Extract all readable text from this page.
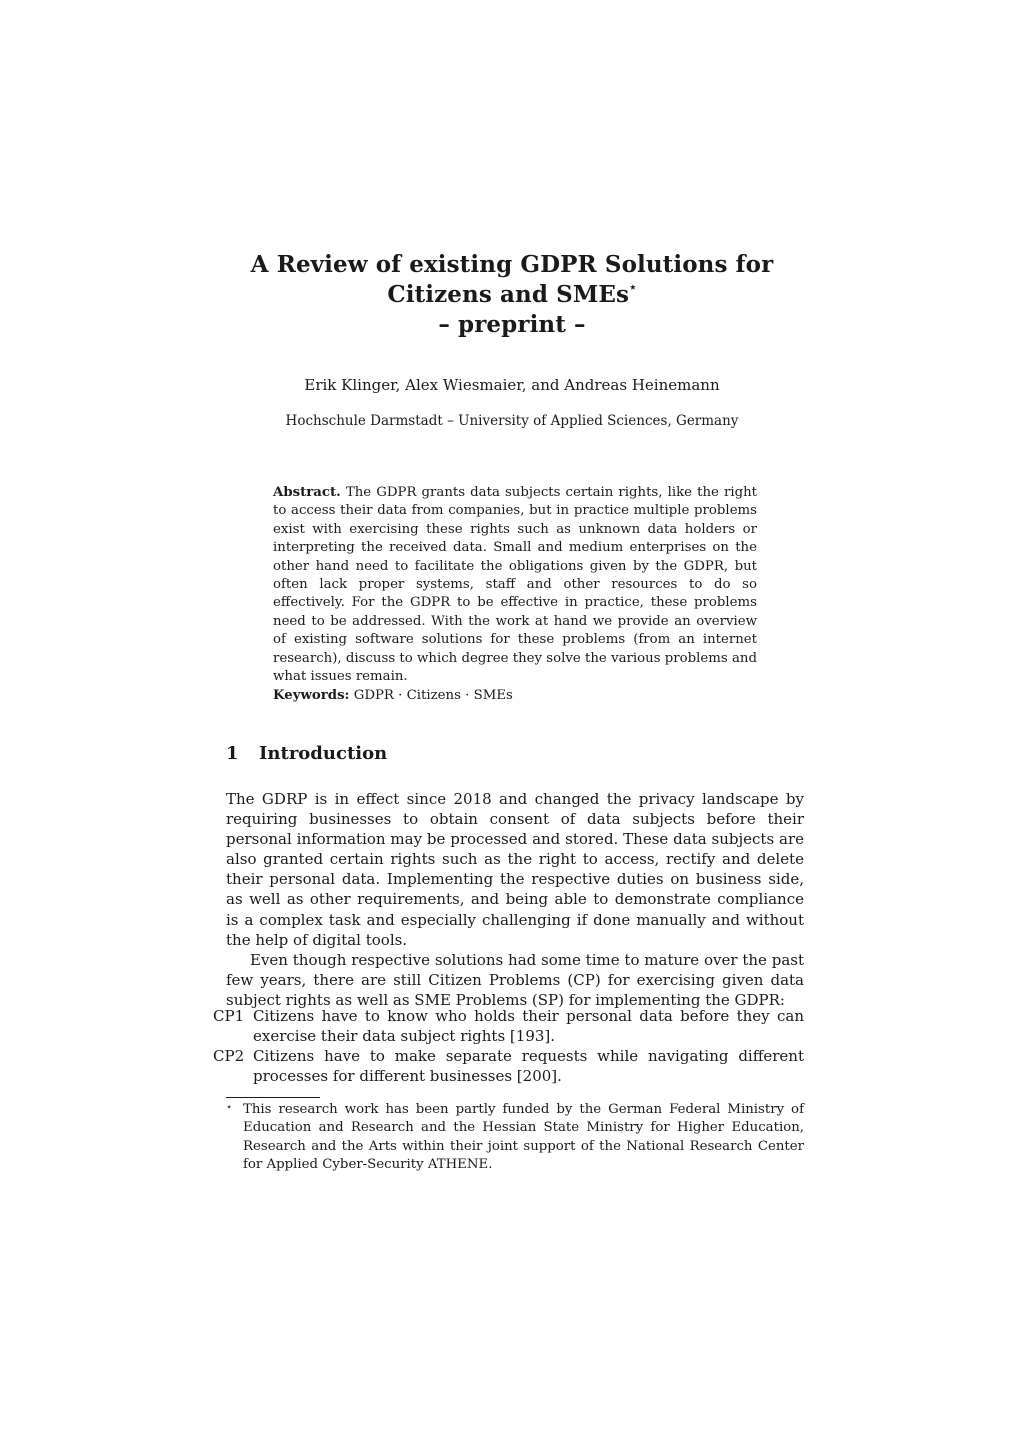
A Review of existing GDPR Solutions for
Citizens and SMEs⋆
– preprint –
Erik Klinger, Alex Wiesmaier, and Andreas Heinemann
Hochschule Darmstadt – University of Applied Sciences, Germany
Abstract. The GDPR grants data subjects certain rights, like the right to access their data from companies, but in practice multiple problems exist with exercising these rights such as unknown data holders or interpreting the received data. Small and medium enterprises on the other hand need to facilitate the obligations given by the GDPR, but often lack proper systems, staff and other resources to do so effectively. For the GDPR to be effective in practice, these problems need to be addressed. With the work at hand we provide an overview of existing software solutions for these problems (from an internet research), discuss to which degree they solve the various problems and what issues remain.
Keywords: GDPR · Citizens · SMEs
1 Introduction

The GDRP is in effect since 2018 and changed the privacy landscape by requiring businesses to obtain consent of data subjects before their personal information may be processed and stored. These data subjects are also granted certain rights such as the right to access, rectify and delete their personal data. Implementing the respective duties on business side, as well as other requirements, and being able to demonstrate compliance is a complex task and especially challenging if done manually and without the help of digital tools.

Even though respective solutions had some time to mature over the past few years, there are still Citizen Problems (CP) for exercising given data subject rights as well as SME Problems (SP) for implementing the GDPR:

CP1 Citizens have to know who holds their personal data before they can exercise their data subject rights [193].
CP2 Citizens have to make separate requests while navigating different processes for different businesses [200].
⋆ This research work has been partly funded by the German Federal Ministry of Education and Research and the Hessian State Ministry for Higher Education, Research and the Arts within their joint support of the National Research Center for Applied Cyber-Security ATHENE.
